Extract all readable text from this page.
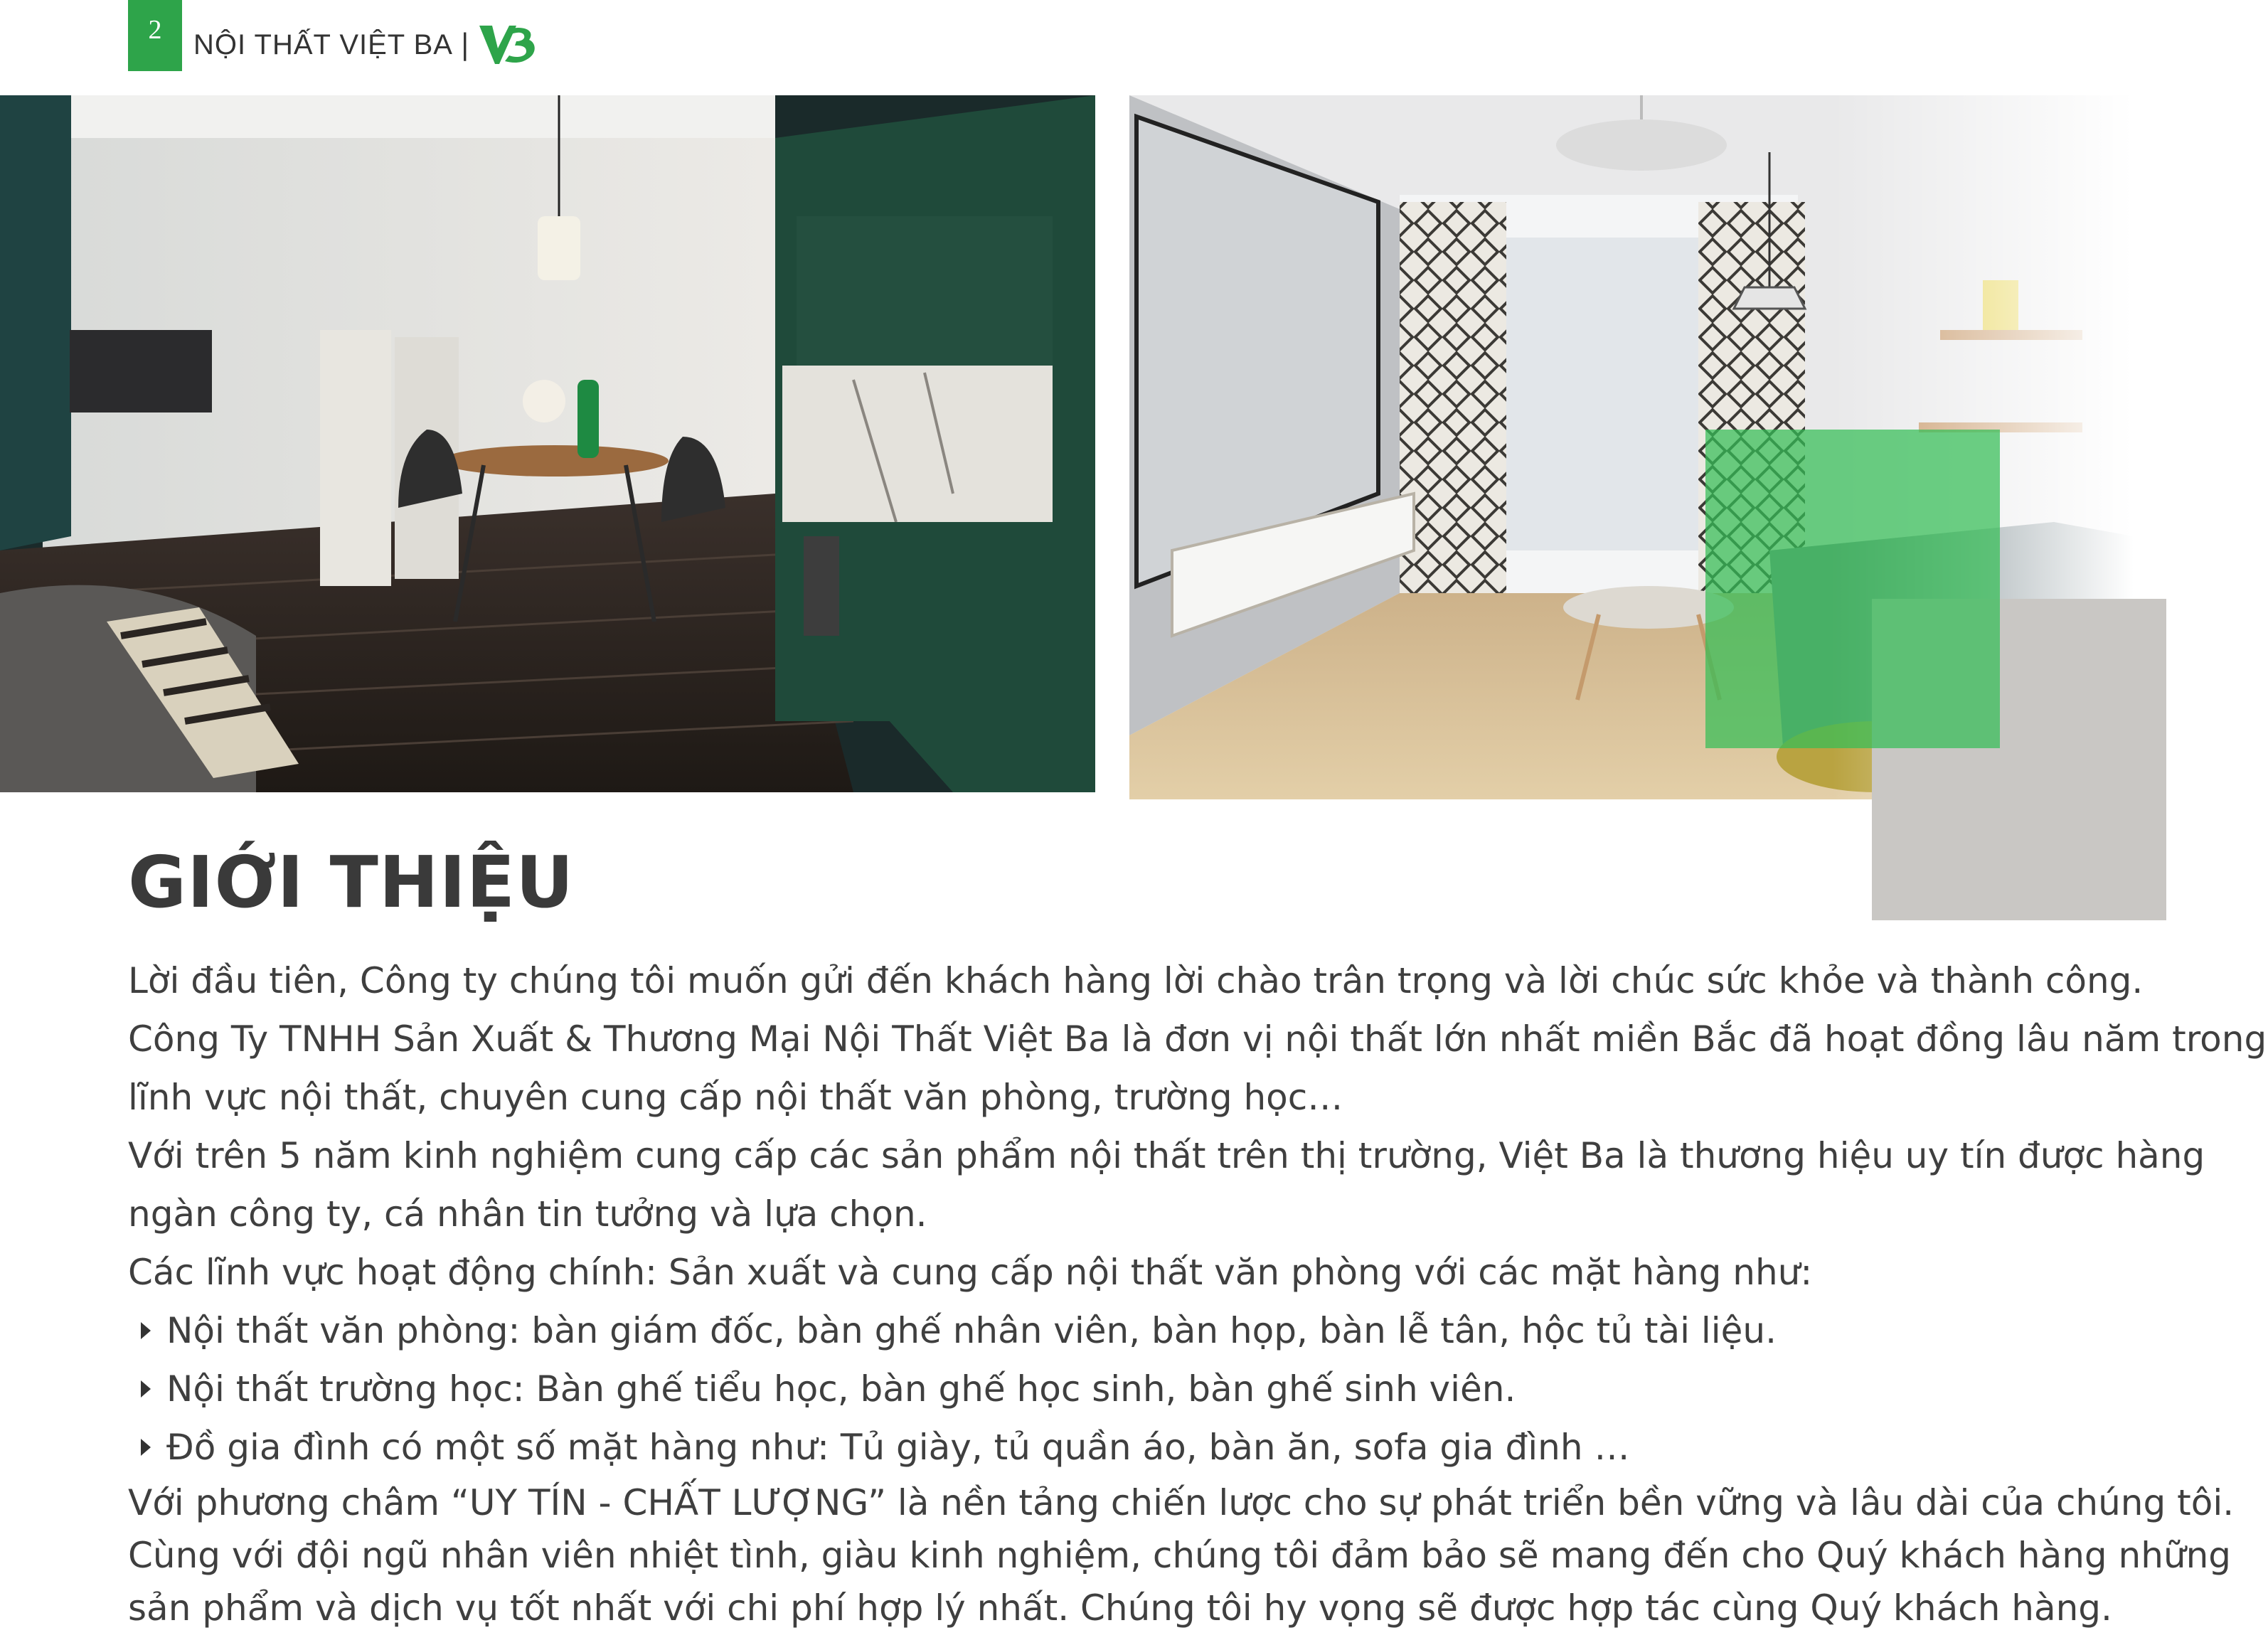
2	NỘI THẤT VIỆT BA |
GIỚI THIỆU

Lời đầu tiên, Công ty chúng tôi muốn gửi đến khách hàng lời chào trân trọng và lời chúc sức khỏe và thành công.

Công Ty TNHH Sản Xuất & Thương Mại Nội Thất Việt Ba là đơn vị nội thất lớn nhất miền Bắc đã hoạt đồng lâu năm trong

lĩnh vực nội thất, chuyên cung cấp nội thất văn phòng, trường học…

Với trên 5 năm kinh nghiệm cung cấp các sản phẩm nội thất trên thị trường, Việt Ba là thương hiệu uy tín được hàng

ngàn công ty, cá nhân tin tưởng và lựa chọn.

Các lĩnh vực hoạt động chính: Sản xuất và cung cấp nội thất văn phòng với các mặt hàng như:

Nội thất văn phòng: bàn giám đốc, bàn ghế nhân viên, bàn họp, bàn lễ tân, hộc tủ tài liệu.
Nội thất trường học: Bàn ghế tiểu học, bàn ghế học sinh, bàn ghế sinh viên.
Đồ gia đình có một số mặt hàng như: Tủ giày, tủ quần áo, bàn ăn, sofa gia đình …

Với phương châm “UY TÍN - CHẤT LƯỢNG” là nền tảng chiến lược cho sự phát triển bền vững và lâu dài của chúng tôi.

Cùng với đội ngũ nhân viên nhiệt tình, giàu kinh nghiệm, chúng tôi đảm bảo sẽ mang đến cho Quý khách hàng những

sản phẩm và dịch vụ tốt nhất với chi phí hợp lý nhất. Chúng tôi hy vọng sẽ được hợp tác cùng Quý khách hàng.
